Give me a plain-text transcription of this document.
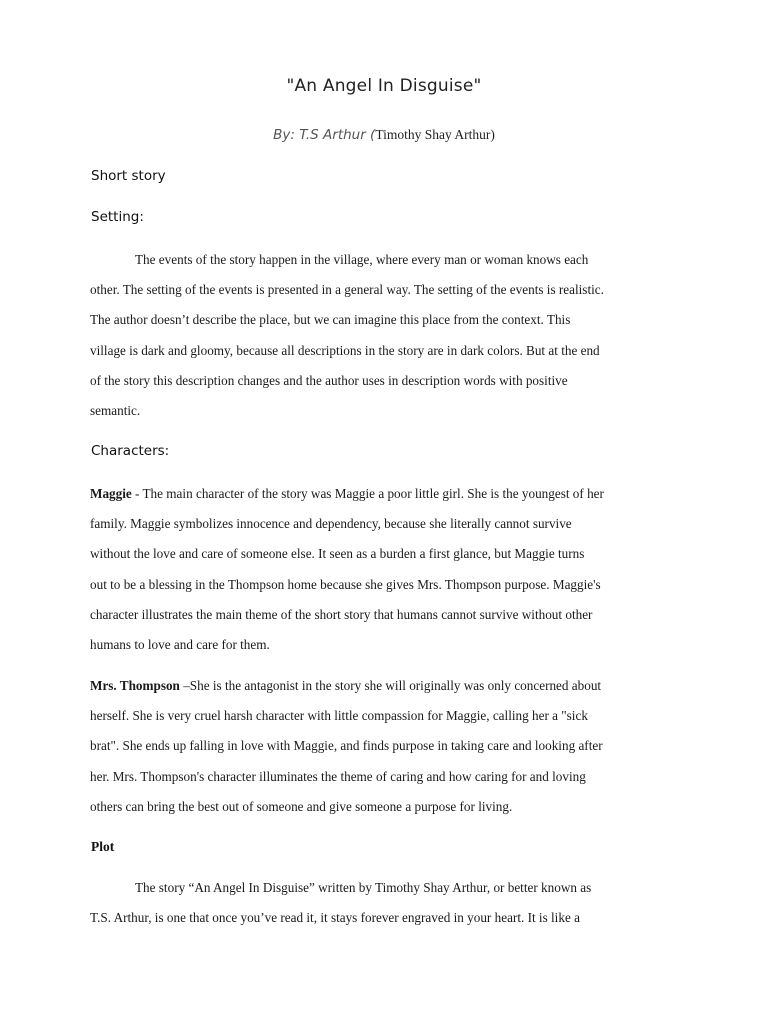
"An Angel In Disguise"
By: T.S Arthur (Timothy Shay Arthur)
Short story
Setting:
The events of the story happen in the village, where every man or woman knows each
other. The setting of the events is presented in a general way. The setting of the events is realistic.
The author doesn’t describe the place, but we can imagine this place from the context. This
village is dark and gloomy, because all descriptions in the story are in dark colors. But at the end
of the story this description changes and the author uses in description words with positive
semantic.
Characters:
Maggie - The main character of the story was Maggie a poor little girl. She is the youngest of her
family. Maggie symbolizes innocence and dependency, because she literally cannot survive
without the love and care of someone else. It seen as a burden a first glance, but Maggie turns
out to be a blessing in the Thompson home because she gives Mrs. Thompson purpose. Maggie's
character illustrates the main theme of the short story that humans cannot survive without other
humans to love and care for them.
Mrs. Thompson –She is the antagonist in the story she will originally was only concerned about
herself. She is very cruel harsh character with little compassion for Maggie, calling her a "sick
brat". She ends up falling in love with Maggie, and finds purpose in taking care and looking after
her. Mrs. Thompson's character illuminates the theme of caring and how caring for and loving
others can bring the best out of someone and give someone a purpose for living.
Plot
The story “An Angel In Disguise” written by Timothy Shay Arthur, or better known as
T.S. Arthur, is one that once you’ve read it, it stays forever engraved in your heart. It is like a
